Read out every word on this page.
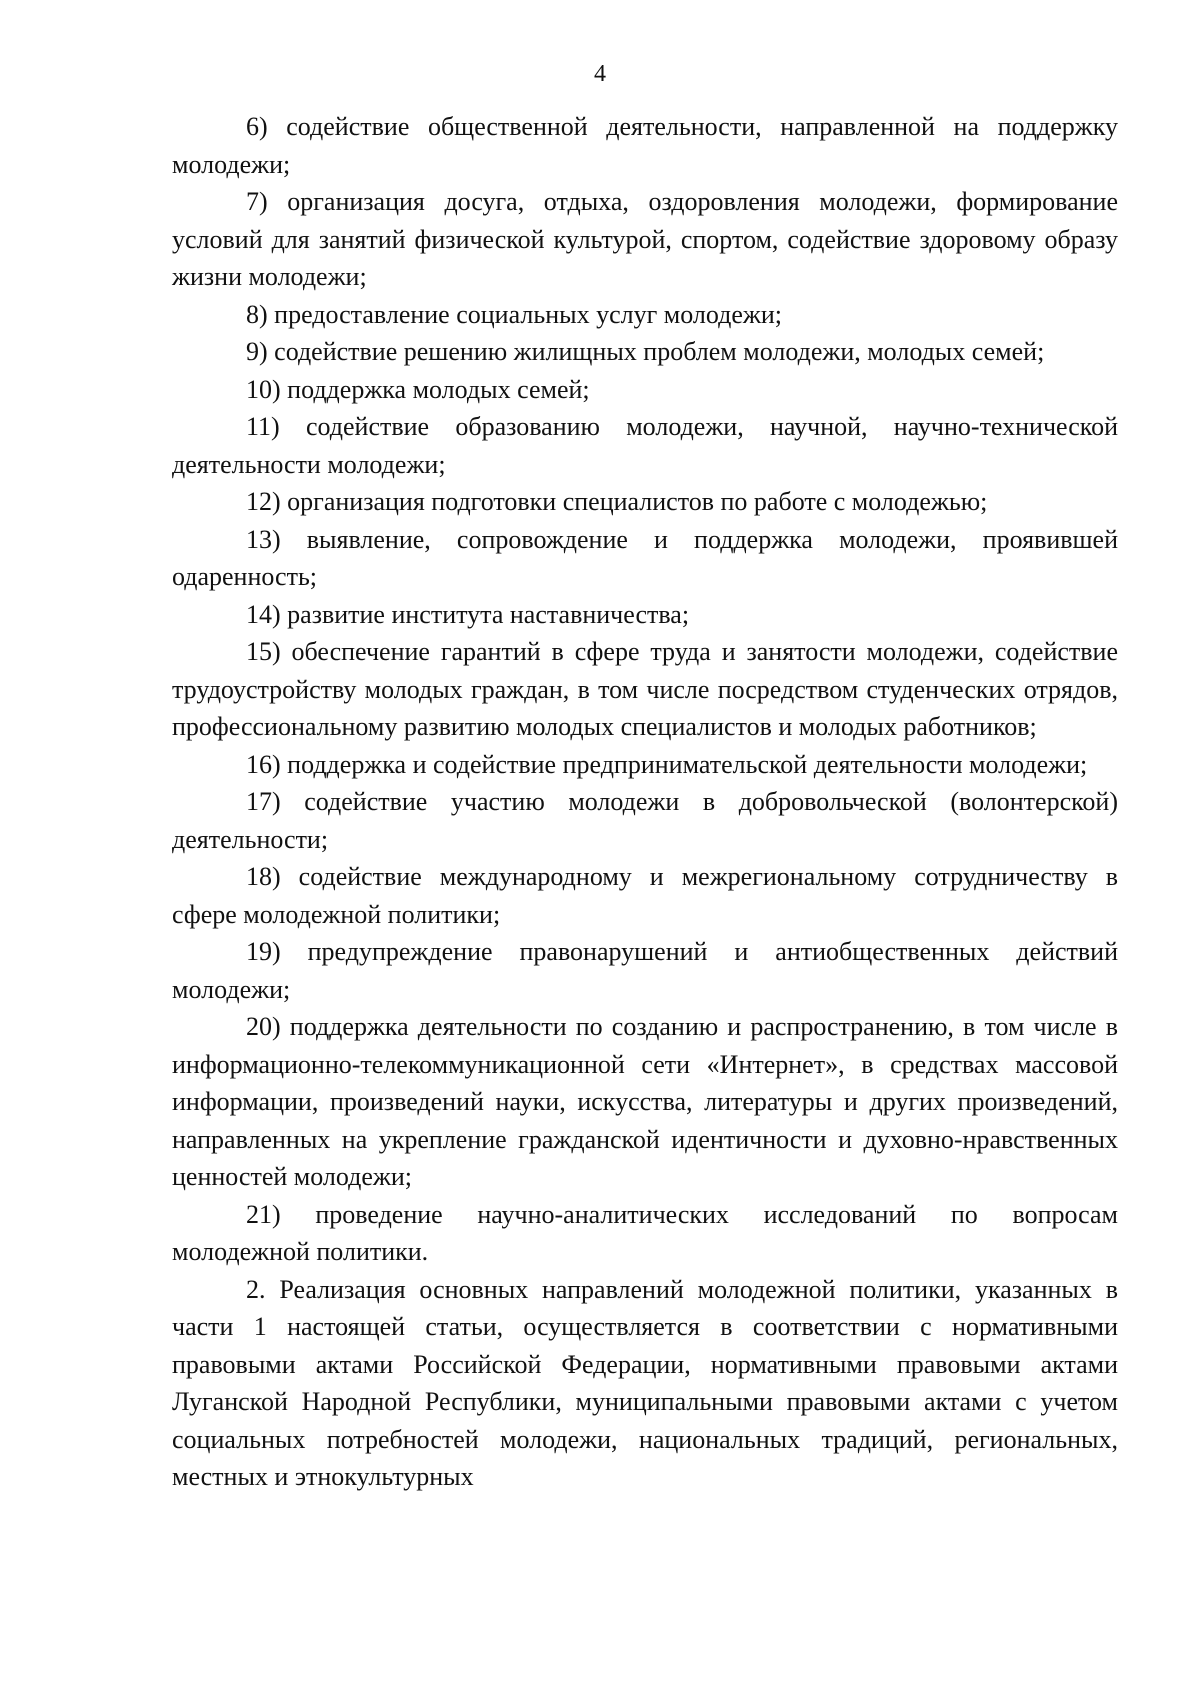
4

6) содействие общественной деятельности, направленной на поддержку молодежи;

7) организация досуга, отдыха, оздоровления молодежи, формирование условий для занятий физической культурой, спортом, содействие здоровому образу жизни молодежи;

8) предоставление социальных услуг молодежи;

9) содействие решению жилищных проблем молодежи, молодых семей;

10) поддержка молодых семей;

11) содействие образованию молодежи, научной, научно-технической деятельности молодежи;

12) организация подготовки специалистов по работе с молодежью;

13) выявление, сопровождение и поддержка молодежи, проявившей одаренность;

14) развитие института наставничества;

15) обеспечение гарантий в сфере труда и занятости молодежи, содействие трудоустройству молодых граждан, в том числе посредством студенческих отрядов, профессиональному развитию молодых специалистов и молодых работников;

16) поддержка и содействие предпринимательской деятельности молодежи;

17) содействие участию молодежи в добровольческой (волонтерской) деятельности;

18) содействие международному и межрегиональному сотрудничеству в сфере молодежной политики;

19) предупреждение правонарушений и антиобщественных действий молодежи;

20) поддержка деятельности по созданию и распространению, в том числе в информационно-телекоммуникационной сети «Интернет», в средствах массовой информации, произведений науки, искусства, литературы и других произведений, направленных на укрепление гражданской идентичности и духовно-нравственных ценностей молодежи;

21) проведение научно-аналитических исследований по вопросам молодежной политики.

2. Реализация основных направлений молодежной политики, указанных в части 1 настоящей статьи, осуществляется в соответствии с нормативными правовыми актами Российской Федерации, нормативными правовыми актами Луганской Народной Республики, муниципальными правовыми актами с учетом социальных потребностей молодежи, национальных традиций, региональных, местных и этнокультурных
